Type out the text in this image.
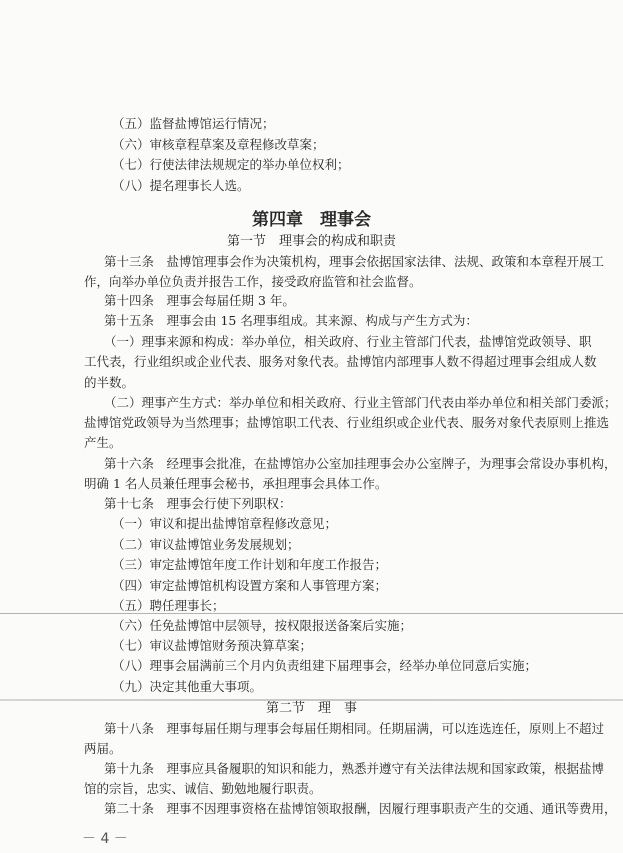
（五）监督盐博馆运行情况；
（六）审核章程草案及章程修改草案；
（七）行使法律法规规定的举办单位权利；
（八）提名理事长人选。
第四章　理事会
第一节　理事会的构成和职责
第十三条　盐博馆理事会作为决策机构，理事会依据国家法律、法规、政策和本章程开展工
作，向举办单位负责并报告工作，接受政府监管和社会监督。
第十四条　理事会每届任期 3 年。
第十五条　理事会由 15 名理事组成。其来源、构成与产生方式为：
（一）理事来源和构成：举办单位，相关政府、行业主管部门代表，盐博馆党政领导、职
工代表，行业组织或企业代表、服务对象代表。盐博馆内部理事人数不得超过理事会组成人数
的半数。
（二）理事产生方式：举办单位和相关政府、行业主管部门代表由举办单位和相关部门委派；
盐博馆党政领导为当然理事；盐博馆职工代表、行业组织或企业代表、服务对象代表原则上推选
产生。
第十六条　经理事会批准，在盐博馆办公室加挂理事会办公室牌子，为理事会常设办事机构，
明确 1 名人员兼任理事会秘书，承担理事会具体工作。
第十七条　理事会行使下列职权：
（一）审议和提出盐博馆章程修改意见；
（二）审议盐博馆业务发展规划；
（三）审定盐博馆年度工作计划和年度工作报告；
（四）审定盐博馆机构设置方案和人事管理方案；
（五）聘任理事长；
（六）任免盐博馆中层领导，按权限报送备案后实施；
（七）审议盐博馆财务预决算草案；
（八）理事会届满前三个月内负责组建下届理事会，经举办单位同意后实施；
（九）决定其他重大事项。
第二节　理　事
第十八条　理事每届任期与理事会每届任期相同。任期届满，可以连选连任，原则上不超过
两届。
第十九条　理事应具备履职的知识和能力，熟悉并遵守有关法律法规和国家政策，根据盐博
馆的宗旨，忠实、诚信、勤勉地履行职责。
第二十条　理事不因理事资格在盐博馆领取报酬，因履行理事职责产生的交通、通讯等费用，
－ 4 －
